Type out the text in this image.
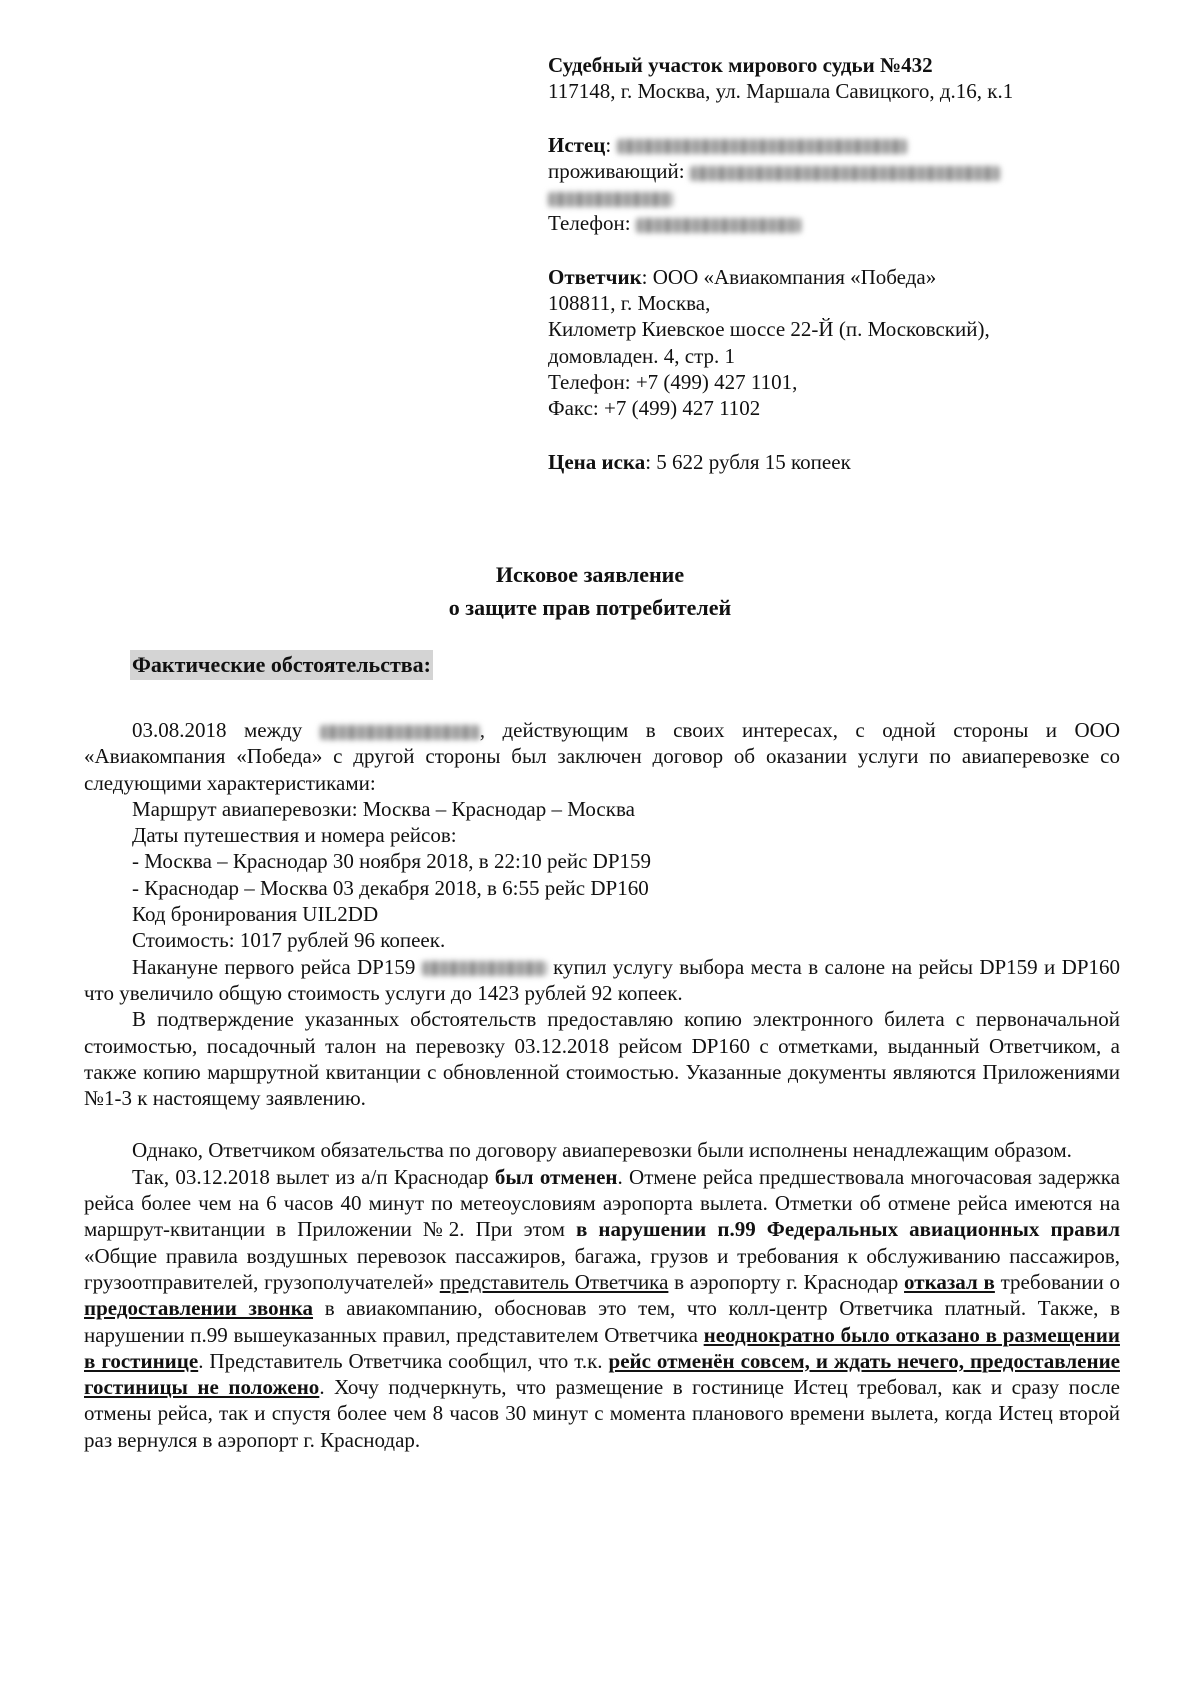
Судебный участок мирового судьи №432
117148, г. Москва, ул. Маршала Савицкого, д.16, к.1
Истец:
проживающий:
Телефон:
Ответчик: ООО «Авиакомпания «Победа»
108811, г. Москва,
Километр Киевское шоссе 22-Й (п. Московский),
домовладен. 4, стр. 1
Телефон: +7 (499) 427 1101,
Факс: +7 (499) 427 1102
Цена иска: 5 622 рубля 15 копеек
Исковое заявление
о защите прав потребителей
Фактические обстоятельства:

03.08.2018 между	, действующим в своих интересах, с одной стороны и ООО «Авиакомпания «Победа» с другой стороны был заключен договор об оказании услуги по авиаперевозке со следующими характеристиками:

Маршрут авиаперевозки: Москва – Краснодар – Москва
Даты путешествия и номера рейсов:
- Москва – Краснодар 30 ноября 2018, в 22:10 рейс DP159
- Краснодар – Москва 03 декабря 2018, в 6:55 рейс DP160
Код бронирования UIL2DD
Стоимость: 1017 рублей 96 копеек.

Накануне первого рейса DP159	купил услугу выбора места в салоне на рейсы DP159 и DP160 что увеличило общую стоимость услуги до 1423 рублей 92 копеек.

В подтверждение указанных обстоятельств предоставляю копию электронного билета с первоначальной стоимостью, посадочный талон на перевозку 03.12.2018 рейсом DP160 с отметками, выданный Ответчиком, а также копию маршрутной квитанции с обновленной стоимостью. Указанные документы являются Приложениями №1-3 к настоящему заявлению.

Однако, Ответчиком обязательства по договору авиаперевозки были исполнены ненадлежащим образом.

Так, 03.12.2018 вылет из а/п Краснодар был отменен. Отмене рейса предшествовала многочасовая задержка рейса более чем на 6 часов 40 минут по метеоусловиям аэропорта вылета. Отметки об отмене рейса имеются на маршрут-квитанции в Приложении №2. При этом в нарушении п.99 Федеральных авиационных правил «Общие правила воздушных перевозок пассажиров, багажа, грузов и требования к обслуживанию пассажиров, грузоотправителей, грузополучателей» представитель Ответчика в аэропорту г. Краснодар отказал в требовании о предоставлении звонка в авиакомпанию, обосновав это тем, что колл-центр Ответчика платный. Также, в нарушении п.99 вышеуказанных правил, представителем Ответчика неоднократно было отказано в размещении в гостинице. Представитель Ответчика сообщил, что т.к. рейс отменён совсем, и ждать нечего, предоставление гостиницы не положено. Хочу подчеркнуть, что размещение в гостинице Истец требовал, как и сразу после отмены рейса, так и спустя более чем 8 часов 30 минут с момента планового времени вылета, когда Истец второй раз вернулся в аэропорт г. Краснодар.
